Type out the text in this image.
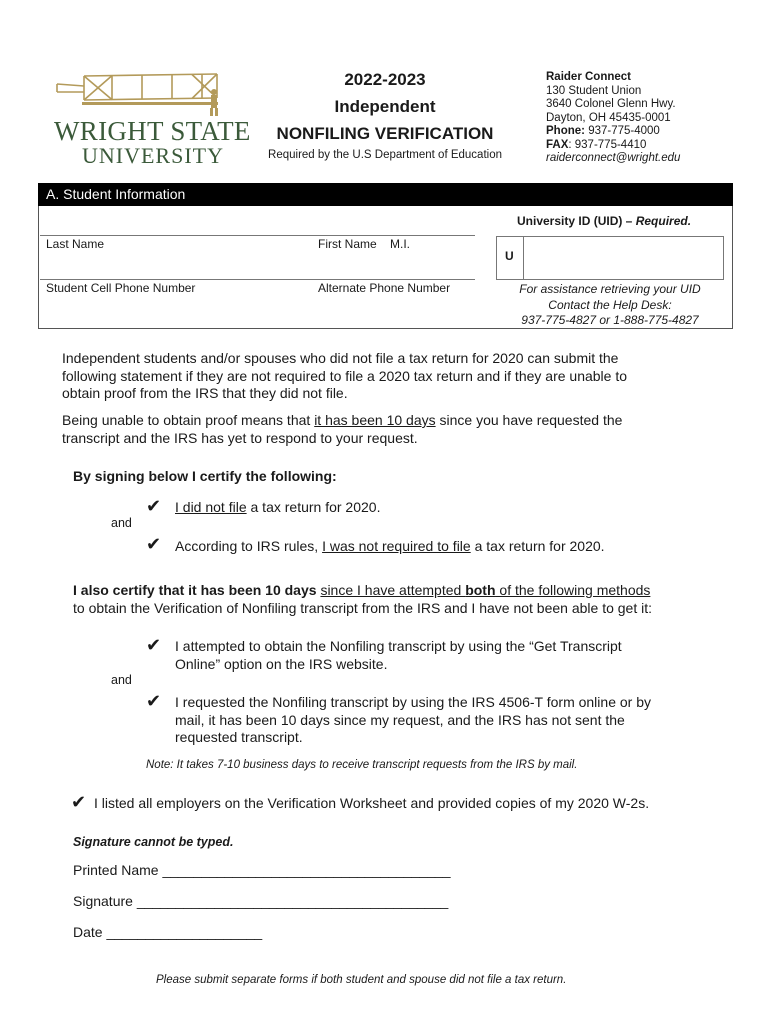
WRIGHT STATE
UNIVERSITY
2022-2023
Independent
NONFILING VERIFICATION
Required by the U.S Department of Education
Raider Connect
130 Student Union
3640 Colonel Glenn Hwy.
Dayton, OH 45435-0001
Phone: 937-775-4000
FAX: 937-775-4410
raiderconnect@wright.edu
A. Student Information
University ID (UID) – Required.
U
Last Name	First Name M.I.
Student Cell Phone Number	Alternate Phone Number	For assistance retrieving your UID
Contact the Help Desk:
937-775-4827 or 1-888-775-4827
Independent students and/or spouses who did not file a tax return for 2020 can submit the
following statement if they are not required to file a 2020 tax return and if they are unable to
obtain proof from the IRS that they did not file.
Being unable to obtain proof means that it has been 10 days since you have requested the
transcript and the IRS has yet to respond to your request.
By signing below I certify the following:
✔ I did not file a tax return for 2020.
and
✔ According to IRS rules, I was not required to file a tax return for 2020.
I also certify that it has been 10 days since I have attempted both of the following methods
to obtain the Verification of Nonfiling transcript from the IRS and I have not been able to get it:
✔ I attempted to obtain the Nonfiling transcript by using the “Get Transcript
Online” option on the IRS website.
and
✔ I requested the Nonfiling transcript by using the IRS 4506-T form online or by
mail, it has been 10 days since my request, and the IRS has not sent the
requested transcript.
Note: It takes 7-10 business days to receive transcript requests from the IRS by mail.
✔ I listed all employers on the Verification Worksheet and provided copies of my 2020 W-2s.
Signature cannot be typed.
Printed Name _____________________________________
Signature ________________________________________
Date ____________________
Please submit separate forms if both student and spouse did not file a tax return.
